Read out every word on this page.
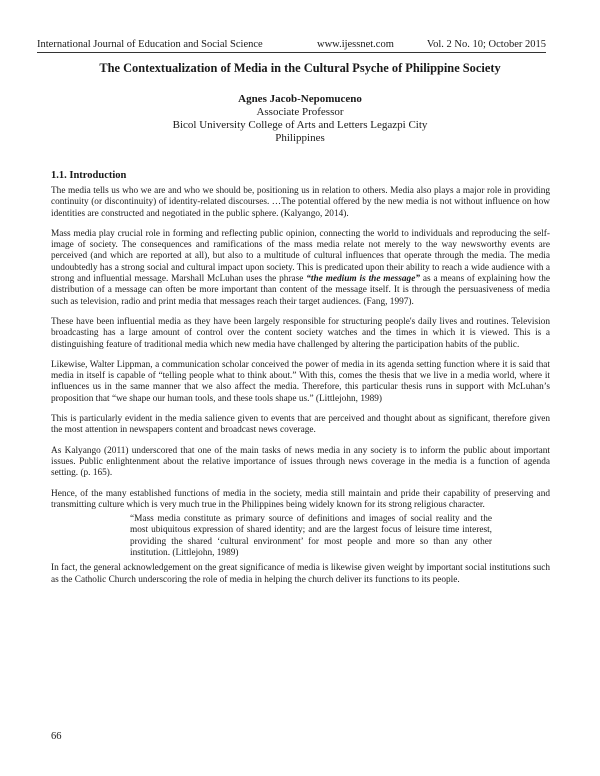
International Journal of Education and Social Science	www.ijessnet.com	Vol. 2 No. 10; October 2015
The Contextualization of Media in the Cultural Psyche of Philippine Society
Agnes Jacob-Nepomuceno
Associate Professor
Bicol University College of Arts and Letters Legazpi City
Philippines
1.1. Introduction

The media tells us who we are and who we should be, positioning us in relation to others. Media also plays a major role in providing continuity (or discontinuity) of identity-related discourses. …The potential offered by the new media is not without influence on how identities are constructed and negotiated in the public sphere. (Kalyango, 2014).

Mass media play crucial role in forming and reflecting public opinion, connecting the world to individuals and reproducing the self-image of society. The consequences and ramifications of the mass media relate not merely to the way newsworthy events are perceived (and which are reported at all), but also to a multitude of cultural influences that operate through the media. The media undoubtedly has a strong social and cultural impact upon society. This is predicated upon their ability to reach a wide audience with a strong and influential message. Marshall McLuhan uses the phrase “the medium is the message” as a means of explaining how the distribution of a message can often be more important than content of the message itself. It is through the persuasiveness of media such as television, radio and print media that messages reach their target audiences. (Fang, 1997).

These have been influential media as they have been largely responsible for structuring people's daily lives and routines. Television broadcasting has a large amount of control over the content society watches and the times in which it is viewed. This is a distinguishing feature of traditional media which new media have challenged by altering the participation habits of the public.

Likewise, Walter Lippman, a communication scholar conceived the power of media in its agenda setting function where it is said that media in itself is capable of “telling people what to think about.” With this, comes the thesis that we live in a media world, where it influences us in the same manner that we also affect the media. Therefore, this particular thesis runs in support with McLuhan’s proposition that “we shape our human tools, and these tools shape us.” (Littlejohn, 1989)

This is particularly evident in the media salience given to events that are perceived and thought about as significant, therefore given the most attention in newspapers content and broadcast news coverage.

As Kalyango (2011) underscored that one of the main tasks of news media in any society is to inform the public about important issues. Public enlightenment about the relative importance of issues through news coverage in the media is a function of agenda setting. (p. 165).

Hence, of the many established functions of media in the society, media still maintain and pride their capability of preserving and transmitting culture which is very much true in the Philippines being widely known for its strong religious character.

“Mass media constitute as primary source of definitions and images of social reality and the most ubiquitous expression of shared identity; and are the largest focus of leisure time interest, providing the shared ‘cultural environment’ for most people and more so than any other institution. (Littlejohn, 1989)

In fact, the general acknowledgement on the great significance of media is likewise given weight by important social institutions such as the Catholic Church underscoring the role of media in helping the church deliver its functions to its people.

66
